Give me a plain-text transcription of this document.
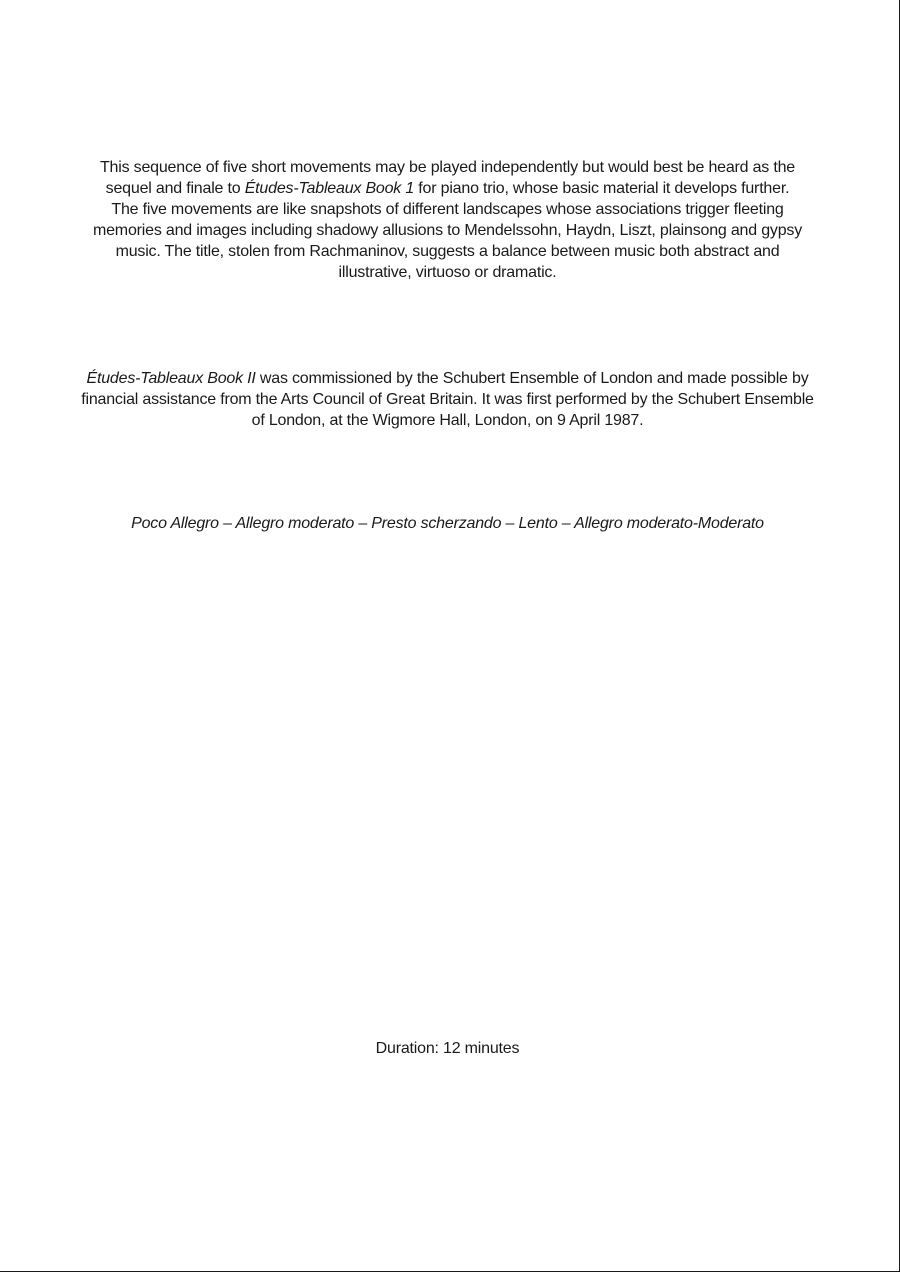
This sequence of five short movements may be played independently but would best be heard as the sequel and finale to Études-Tableaux Book 1 for piano trio, whose basic material it develops further.

The five movements are like snapshots of different landscapes whose associations trigger fleeting memories and images including shadowy allusions to Mendelssohn, Haydn, Liszt, plainsong and gypsy music. The title, stolen from Rachmaninov, suggests a balance between music both abstract and illustrative, virtuoso or dramatic.

Études-Tableaux Book II was commissioned by the Schubert Ensemble of London and made possible by financial assistance from the Arts Council of Great Britain. It was first performed by the Schubert Ensemble of London, at the Wigmore Hall, London, on 9 April 1987.

Poco Allegro – Allegro moderato – Presto scherzando – Lento – Allegro moderato-Moderato
Duration: 12 minutes
